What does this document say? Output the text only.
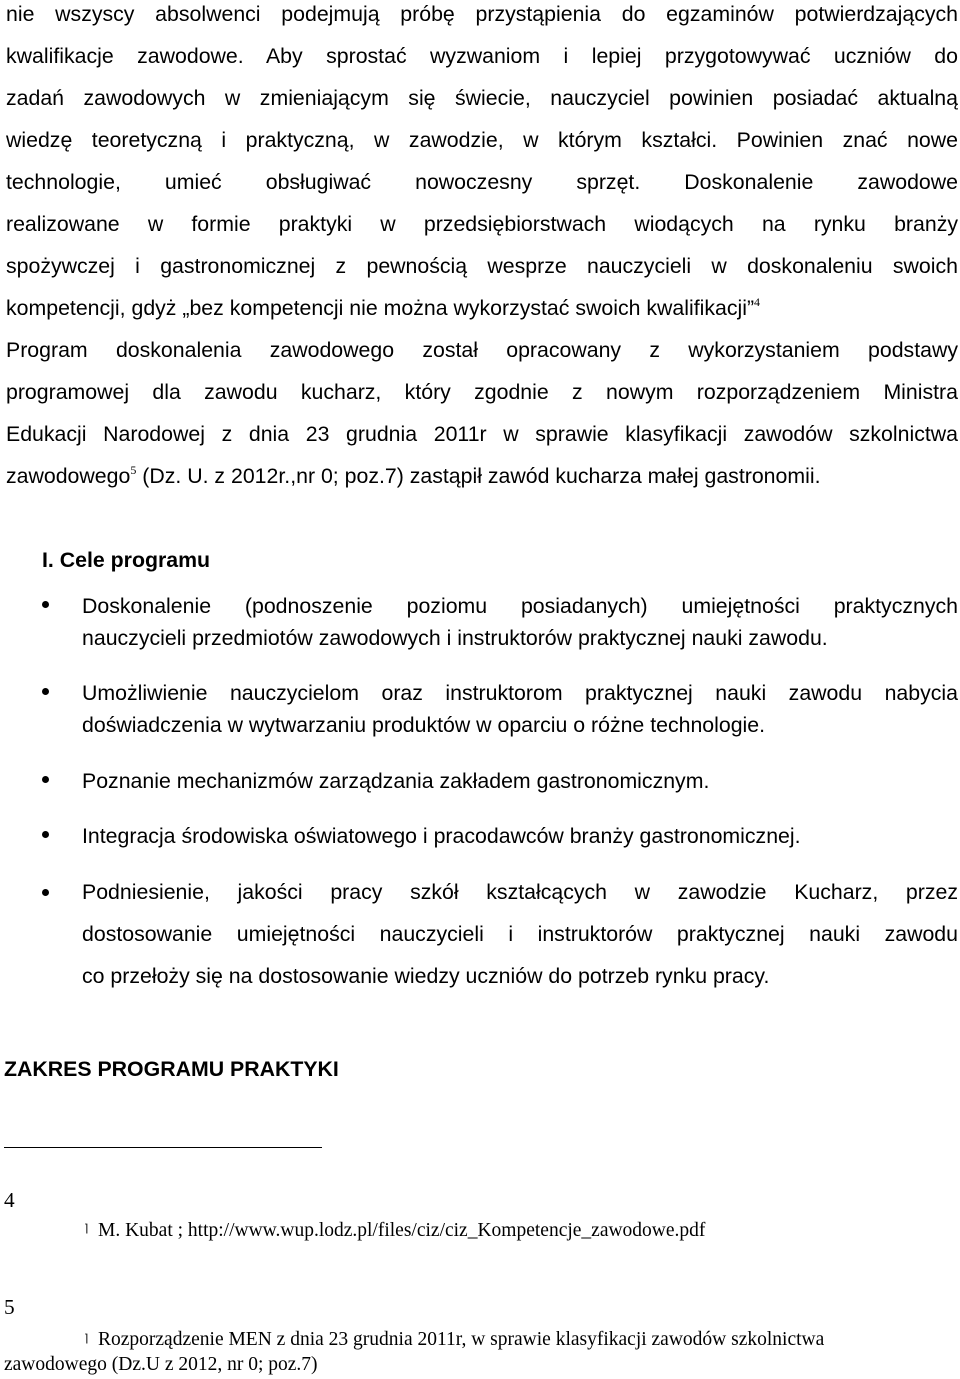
nie wszyscy absolwenci podejmują próbę przystąpienia do egzaminów potwierdzających
kwalifikacje zawodowe. Aby sprostać wyzwaniom i lepiej przygotowywać uczniów do
zadań zawodowych w zmieniającym się świecie, nauczyciel powinien posiadać aktualną
wiedzę teoretyczną i praktyczną, w zawodzie, w którym kształci. Powinien znać nowe
technologie, umieć obsługiwać nowoczesny sprzęt. Doskonalenie zawodowe
realizowane w formie praktyki w przedsiębiorstwach wiodących na rynku branży
spożywczej i gastronomicznej z pewnością wesprze nauczycieli w doskonaleniu swoich
kompetencji, gdyż „bez kompetencji nie można wykorzystać swoich kwalifikacji”$^4$
Program doskonalenia zawodowego został opracowany z wykorzystaniem podstawy
programowej dla zawodu kucharz, który zgodnie z nowym rozporządzeniem Ministra
Edukacji Narodowej z dnia 23 grudnia 2011r w sprawie klasyfikacji zawodów szkolnictwa
zawodowego$^5$ (Dz. U. z 2012r.,nr 0; poz.7) zastąpił zawód kucharza małej gastronomii.
I. Cele programu
Doskonalenie (podnoszenie poziomu posiadanych) umiejętności praktycznych
nauczycieli przedmiotów zawodowych i instruktorów praktycznej nauki zawodu.
Umożliwienie nauczycielom oraz instruktorom praktycznej nauki zawodu nabycia
doświadczenia w wytwarzaniu produktów w oparciu o różne technologie.
Poznanie mechanizmów zarządzania zakładem gastronomicznym.
Integracja środowiska oświatowego i pracodawców branży gastronomicznej.
Podniesienie, jakości pracy szkół kształcących w zawodzie Kucharz, przez
dostosowanie umiejętności nauczycieli i instruktorów praktycznej nauki zawodu
co przełoży się na dostosowanie wiedzy uczniów do potrzeb rynku pracy.
ZAKRES PROGRAMU PRAKTYKI
4
⌉ M. Kubat ; http://www.wup.lodz.pl/files/ciz/ciz_Kompetencje_zawodowe.pdf
5
⌉ Rozporządzenie MEN z dnia 23 grudnia 2011r, w sprawie klasyfikacji zawodów szkolnictwa
zawodowego (Dz.U z 2012, nr 0; poz.7)
